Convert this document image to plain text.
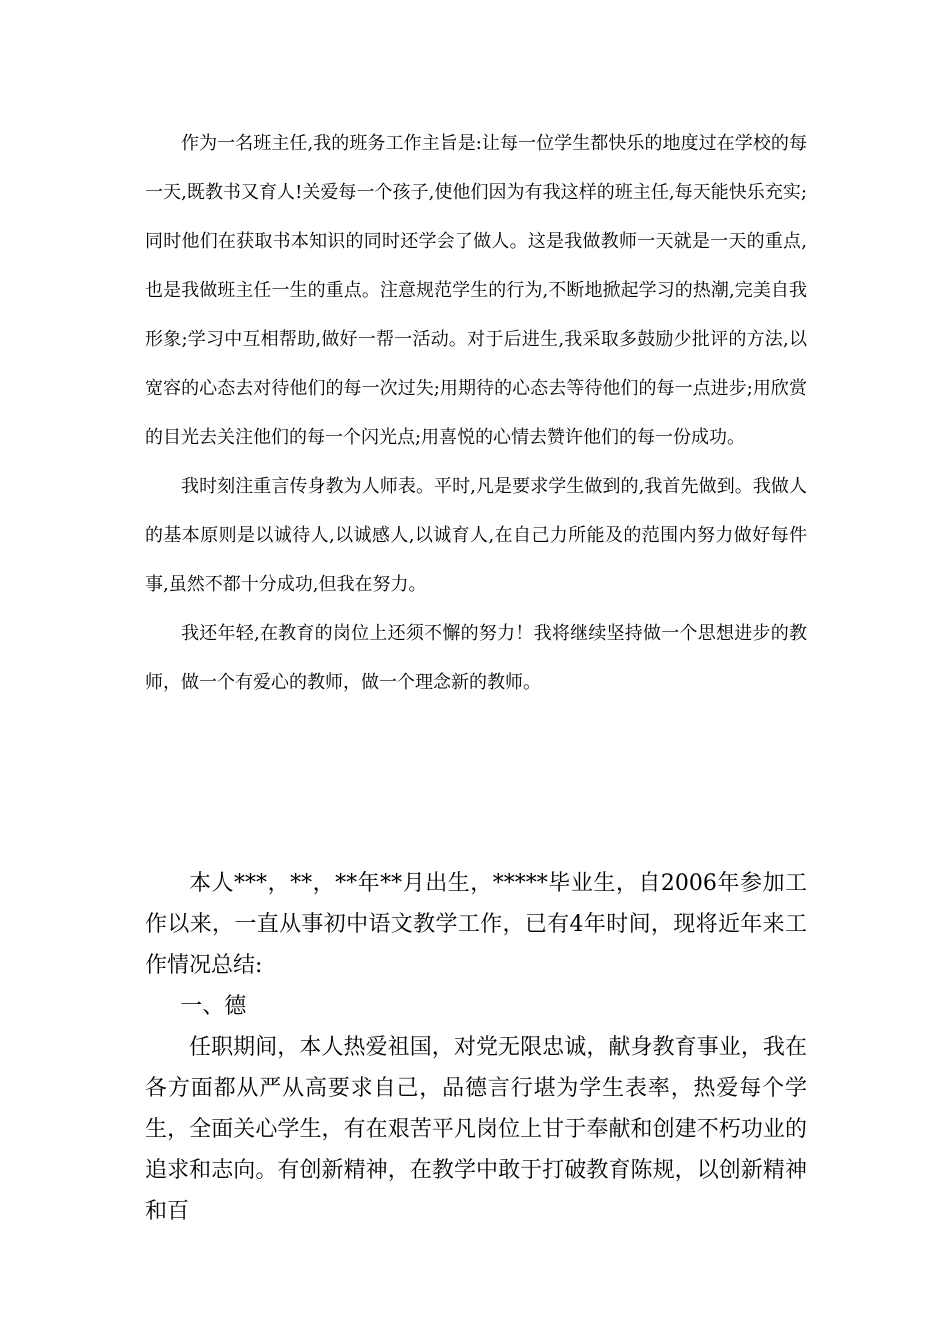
作为一名班主任,我的班务工作主旨是:让每一位学生都快乐的地度过在学校的每一天,既教书又育人!关爱每一个孩子,使他们因为有我这样的班主任,每天能快乐充实;同时他们在获取书本知识的同时还学会了做人。这是我做教师一天就是一天的重点,也是我做班主任一生的重点。注意规范学生的行为,不断地掀起学习的热潮,完美自我形象;学习中互相帮助,做好一帮一活动。对于后进生,我采取多鼓励少批评的方法,以宽容的心态去对待他们的每一次过失;用期待的心态去等待他们的每一点进步;用欣赏的目光去关注他们的每一个闪光点;用喜悦的心情去赞许他们的每一份成功。

我时刻注重言传身教为人师表。平时,凡是要求学生做到的,我首先做到。我做人的基本原则是以诚待人,以诚感人,以诚育人,在自己力所能及的范围内努力做好每件事,虽然不都十分成功,但我在努力。

我还年轻,在教育的岗位上还须不懈的努力！我将继续坚持做一个思想进步的教师，做一个有爱心的教师，做一个理念新的教师。

本人***，**，**年**月出生，*****毕业生，自2006年参加工作以来，一直从事初中语文教学工作，已有4年时间，现将近年来工作情况总结:

一、德

任职期间，本人热爱祖国，对党无限忠诚，献身教育事业，我在各方面都从严从高要求自己，品德言行堪为学生表率，热爱每个学生，全面关心学生，有在艰苦平凡岗位上甘于奉献和创建不朽功业的追求和志向。有创新精神，在教学中敢于打破教育陈规，以创新精神和百
